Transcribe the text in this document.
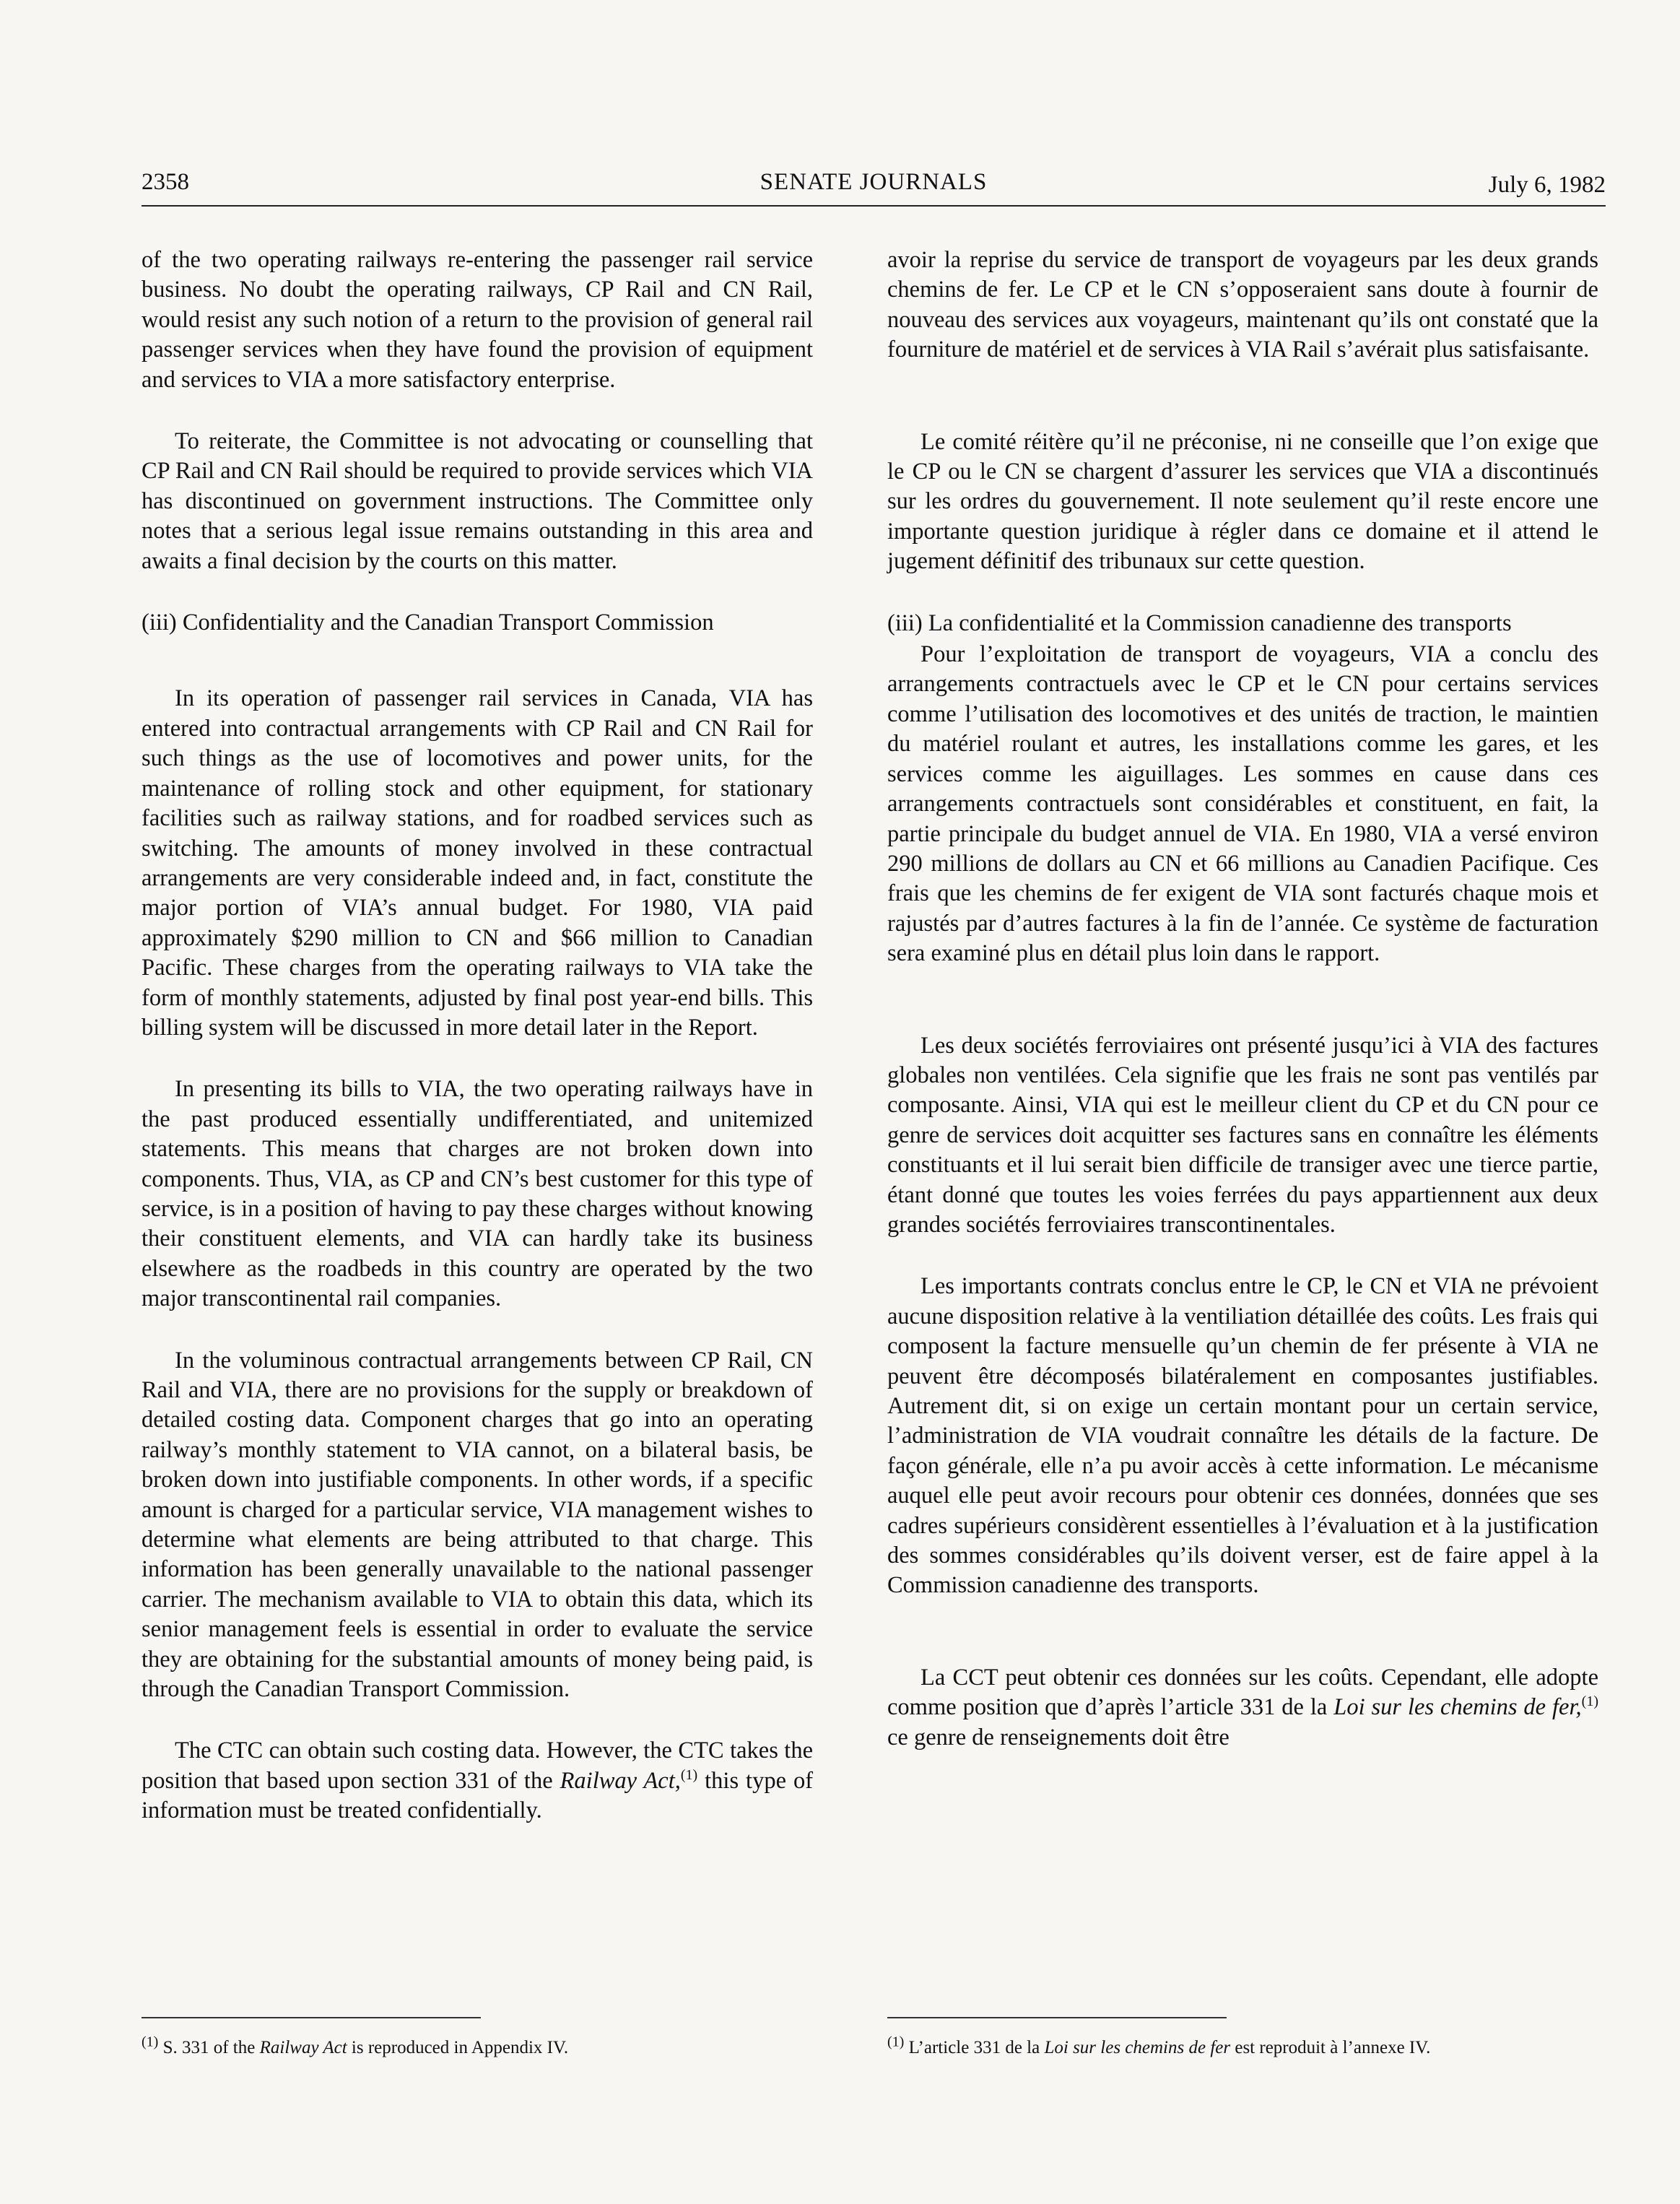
2358	SENATE JOURNALS	July 6, 1982

of the two operating railways re-entering the passenger rail service business. No doubt the operating railways, CP Rail and CN Rail, would resist any such notion of a return to the provision of general rail passenger services when they have found the provision of equipment and services to VIA a more satisfactory enterprise.

To reiterate, the Committee is not advocating or counselling that CP Rail and CN Rail should be required to provide services which VIA has discontinued on government instructions. The Committee only notes that a serious legal issue remains outstanding in this area and awaits a final decision by the courts on this matter.

(iii) Confidentiality and the Canadian Transport Commission

In its operation of passenger rail services in Canada, VIA has entered into contractual arrangements with CP Rail and CN Rail for such things as the use of locomotives and power units, for the maintenance of rolling stock and other equipment, for stationary facilities such as railway stations, and for roadbed services such as switching. The amounts of money involved in these contractual arrangements are very considerable indeed and, in fact, constitute the major portion of VIA’s annual budget. For 1980, VIA paid approximately $290 million to CN and $66 million to Canadian Pacific. These charges from the operating railways to VIA take the form of monthly statements, adjusted by final post year-end bills. This billing system will be discussed in more detail later in the Report.

In presenting its bills to VIA, the two operating railways have in the past produced essentially undifferentiated, and unitemized statements. This means that charges are not broken down into components. Thus, VIA, as CP and CN’s best customer for this type of service, is in a position of having to pay these charges without knowing their constituent elements, and VIA can hardly take its business elsewhere as the roadbeds in this country are operated by the two major transcontinental rail companies.

In the voluminous contractual arrangements between CP Rail, CN Rail and VIA, there are no provisions for the supply or breakdown of detailed costing data. Component charges that go into an operating railway’s monthly statement to VIA cannot, on a bilateral basis, be broken down into justifiable components. In other words, if a specific amount is charged for a particular service, VIA management wishes to determine what elements are being attributed to that charge. This information has been generally unavailable to the national passenger carrier. The mechanism available to VIA to obtain this data, which its senior management feels is essential in order to evaluate the service they are obtaining for the substantial amounts of money being paid, is through the Canadian Transport Commission.

The CTC can obtain such costing data. However, the CTC takes the position that based upon section 331 of the Railway Act,$^{(1)}$ this type of information must be treated confidentially.

avoir la reprise du service de transport de voyageurs par les deux grands chemins de fer. Le CP et le CN s’opposeraient sans doute à fournir de nouveau des services aux voyageurs, maintenant qu’ils ont constaté que la fourniture de matériel et de services à VIA Rail s’avérait plus satisfaisante.

Le comité réitère qu’il ne préconise, ni ne conseille que l’on exige que le CP ou le CN se chargent d’assurer les services que VIA a discontinués sur les ordres du gouvernement. Il note seulement qu’il reste encore une importante question juridique à régler dans ce domaine et il attend le jugement définitif des tribunaux sur cette question.

(iii) La confidentialité et la Commission canadienne des transports

Pour l’exploitation de transport de voyageurs, VIA a conclu des arrangements contractuels avec le CP et le CN pour certains services comme l’utilisation des locomotives et des unités de traction, le maintien du matériel roulant et autres, les installations comme les gares, et les services comme les aiguillages. Les sommes en cause dans ces arrangements contractuels sont considérables et constituent, en fait, la partie principale du budget annuel de VIA. En 1980, VIA a versé environ 290 millions de dollars au CN et 66 millions au Canadien Pacifique. Ces frais que les chemins de fer exigent de VIA sont facturés chaque mois et rajustés par d’autres factures à la fin de l’année. Ce système de facturation sera examiné plus en détail plus loin dans le rapport.

Les deux sociétés ferroviaires ont présenté jusqu’ici à VIA des factures globales non ventilées. Cela signifie que les frais ne sont pas ventilés par composante. Ainsi, VIA qui est le meilleur client du CP et du CN pour ce genre de services doit acquitter ses factures sans en connaître les éléments constituants et il lui serait bien difficile de transiger avec une tierce partie, étant donné que toutes les voies ferrées du pays appartiennent aux deux grandes sociétés ferroviaires transcontinentales.

Les importants contrats conclus entre le CP, le CN et VIA ne prévoient aucune disposition relative à la ventiliation détaillée des coûts. Les frais qui composent la facture mensuelle qu’un chemin de fer présente à VIA ne peuvent être décomposés bilatéralement en composantes justifiables. Autrement dit, si on exige un certain montant pour un certain service, l’administration de VIA voudrait connaître les détails de la facture. De façon générale, elle n’a pu avoir accès à cette information. Le mécanisme auquel elle peut avoir recours pour obtenir ces données, données que ses cadres supérieurs considèrent essentielles à l’évaluation et à la justification des sommes considérables qu’ils doivent verser, est de faire appel à la Commission canadienne des transports.

La CCT peut obtenir ces données sur les coûts. Cependant, elle adopte comme position que d’après l’article 331 de la Loi sur les chemins de fer,$^{(1)}$ ce genre de renseignements doit être

$^{(1)}$ S. 331 of the Railway Act is reproduced in Appendix IV.	$^{(1)}$ L’article 331 de la Loi sur les chemins de fer est reproduit à l’annexe IV.
